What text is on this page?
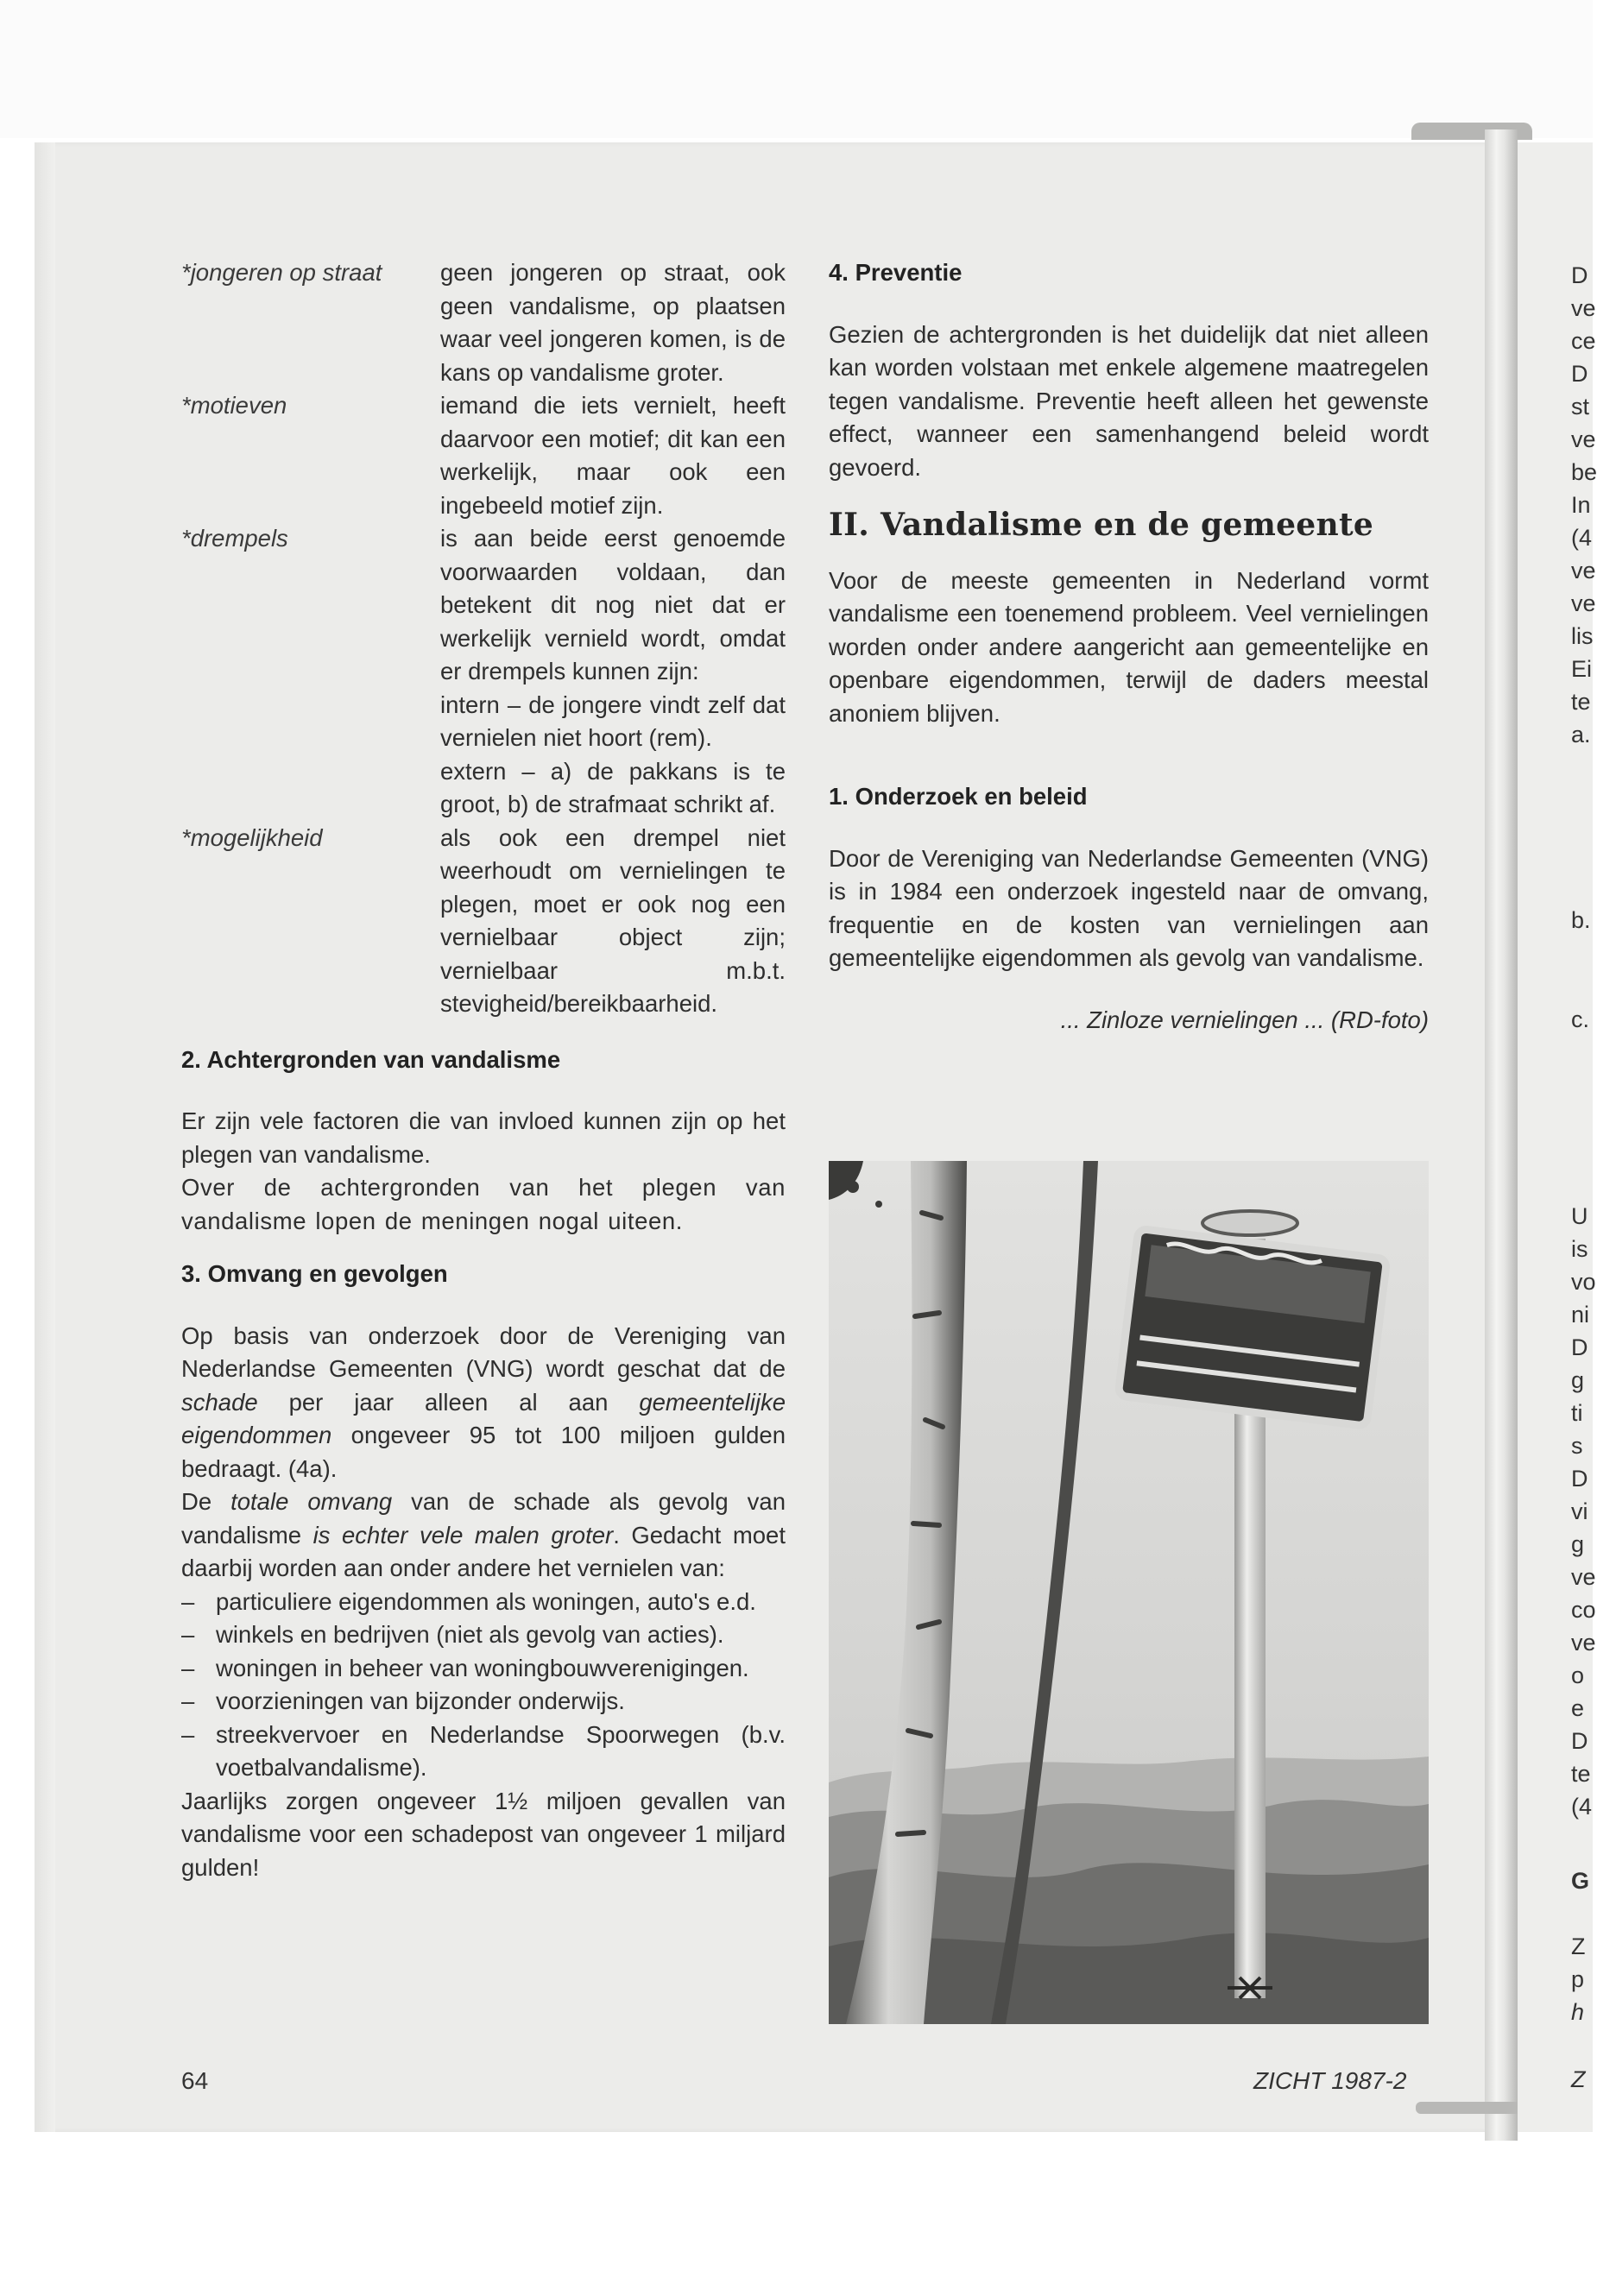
D
ve
ce
D
st
ve
be
In
(4
ve
ve
lis
Ei
te
a.
b.
c.
U
is
vo
ni
D
g
ti
s
D
vi
g
ve
co
ve
o
e
D
te
(4
G
Z
p
h
Z
*jongeren op straat	geen jongeren op straat, ook geen vandalisme, op plaatsen waar veel jongeren komen, is de kans op vandalisme groter.
*motieven	iemand die iets vernielt, heeft daarvoor een motief; dit kan een werkelijk, maar ook een ingebeeld motief zijn.
*drempels	is aan beide eerst genoemde voorwaarden voldaan, dan betekent dit nog niet dat er werkelijk vernield wordt, omdat er drempels kunnen zijn:
intern – de jongere vindt zelf dat vernielen niet hoort (rem).
extern – a) de pakkans is te groot, b) de strafmaat schrikt af.
*mogelijkheid	als ook een drempel niet weerhoudt om vernielingen te plegen, moet er ook nog een vernielbaar object zijn; vernielbaar m.b.t. stevigheid/bereikbaarheid.
2. Achtergronden van vandalisme
Er zijn vele factoren die van invloed kunnen zijn op het plegen van vandalisme.
Over de achtergronden van het plegen van vandalisme lopen de meningen nogal uiteen.
3. Omvang en gevolgen
Op basis van onderzoek door de Vereniging van Nederlandse Gemeenten (VNG) wordt geschat dat de schade per jaar alleen al aan gemeentelijke eigendommen ongeveer 95 tot 100 miljoen gulden bedraagt. (4a).
De totale omvang van de schade als gevolg van vandalisme is echter vele malen groter. Gedacht moet daarbij worden aan onder andere het vernielen van:
– particuliere eigendommen als woningen, auto's e.d.
– winkels en bedrijven (niet als gevolg van acties).
– woningen in beheer van woningbouwverenigingen.
– voorzieningen van bijzonder onderwijs.
– streekvervoer en Nederlandse Spoorwegen (b.v. voetbalvandalisme).
Jaarlijks zorgen ongeveer 1½ miljoen gevallen van vandalisme voor een schadepost van ongeveer 1 miljard gulden!
64
4. Preventie
Gezien de achtergronden is het duidelijk dat niet alleen kan worden volstaan met enkele algemene maatregelen tegen vandalisme. Preventie heeft alleen het gewenste effect, wanneer een samenhangend beleid wordt gevoerd.
II. Vandalisme en de gemeente
Voor de meeste gemeenten in Nederland vormt vandalisme een toenemend probleem. Veel vernielingen worden onder andere aangericht aan gemeentelijke en openbare eigendommen, terwijl de daders meestal anoniem blijven.
1. Onderzoek en beleid
Door de Vereniging van Nederlandse Gemeenten (VNG) is in 1984 een onderzoek ingesteld naar de omvang, frequentie en de kosten van vernielingen aan gemeentelijke eigendommen als gevolg van vandalisme.
... Zinloze vernielingen ... (RD-foto)
ZICHT 1987-2
